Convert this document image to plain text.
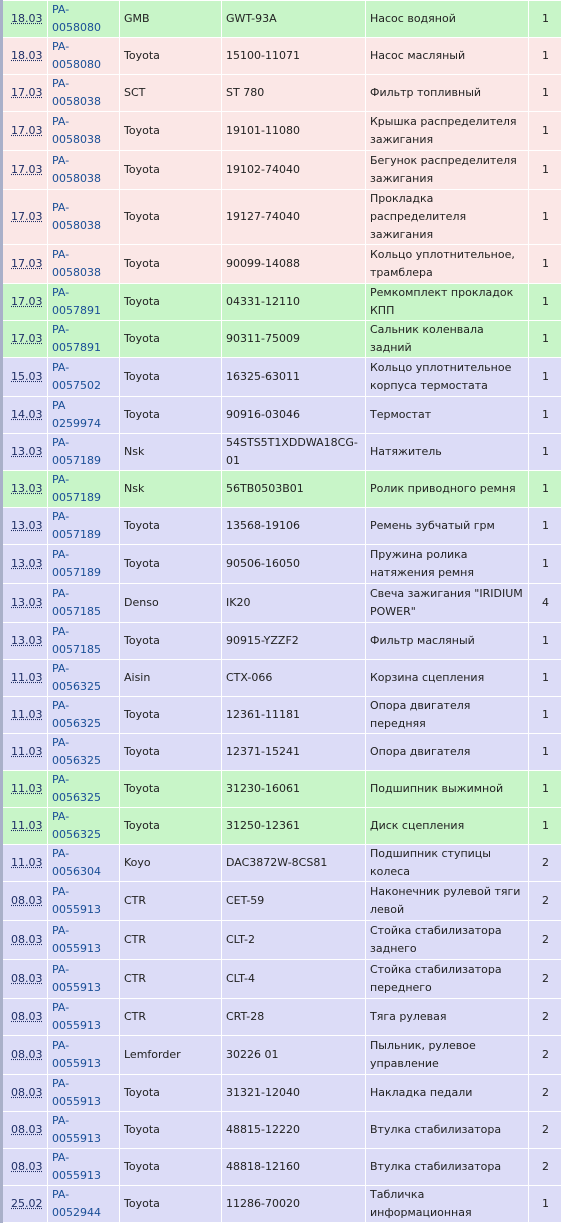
18.03	PA-0058080	GMB	GWT-93A	Насос водяной	1
18.03	PA-0058080	Toyota	15100-11071	Насос масляный	1
17.03	PA-0058038	SCT	ST 780	Фильтр топливный	1
17.03	PA-0058038	Toyota	19101-11080	Крышка распределителя зажигания	1
17.03	PA-0058038	Toyota	19102-74040	Бегунок распределителя зажигания	1
17.03	PA-0058038	Toyota	19127-74040	Прокладка распределителя зажигания	1
17.03	PA-0058038	Toyota	90099-14088	Кольцо уплотнительное, трамблера	1
17.03	PA-0057891	Toyota	04331-12110	Ремкомплект прокладок КПП	1
17.03	PA-0057891	Toyota	90311-75009	Сальник коленвала задний	1
15.03	PA-0057502	Toyota	16325-63011	Кольцо уплотнительное корпуса термостата	1
14.03	PA 0259974	Toyota	90916-03046	Термостат	1
13.03	PA-0057189	Nsk	54STS5T1XDDWA18CG-01	Натяжитель	1
13.03	PA-0057189	Nsk	56TB0503B01	Ролик приводного ремня	1
13.03	PA-0057189	Toyota	13568-19106	Ремень зубчатый грм	1
13.03	PA-0057189	Toyota	90506-16050	Пружина ролика натяжения ремня	1
13.03	PA-0057185	Denso	IK20	Свеча зажигания "IRIDIUM POWER"	4
13.03	PA-0057185	Toyota	90915-YZZF2	Фильтр масляный	1
11.03	PA-0056325	Aisin	CTX-066	Корзина сцепления	1
11.03	PA-0056325	Toyota	12361-11181	Опора двигателя передняя	1
11.03	PA-0056325	Toyota	12371-15241	Опора двигателя	1
11.03	PA-0056325	Toyota	31230-16061	Подшипник выжимной	1
11.03	PA-0056325	Toyota	31250-12361	Диск сцепления	1
11.03	PA-0056304	Koyo	DAC3872W-8CS81	Подшипник ступицы колеса	2
08.03	PA-0055913	CTR	CET-59	Наконечник рулевой тяги левой	2
08.03	PA-0055913	CTR	CLT-2	Стойка стабилизатора заднего	2
08.03	PA-0055913	CTR	CLT-4	Стойка стабилизатора переднего	2
08.03	PA-0055913	CTR	CRT-28	Тяга рулевая	2
08.03	PA-0055913	Lemforder	30226 01	Пыльник, рулевое управление	2
08.03	PA-0055913	Toyota	31321-12040	Накладка педали	2
08.03	PA-0055913	Toyota	48815-12220	Втулка стабилизатора	2
08.03	PA-0055913	Toyota	48818-12160	Втулка стабилизатора	2
25.02	PA-0052944	Toyota	11286-70020	Табличка информационная	1
